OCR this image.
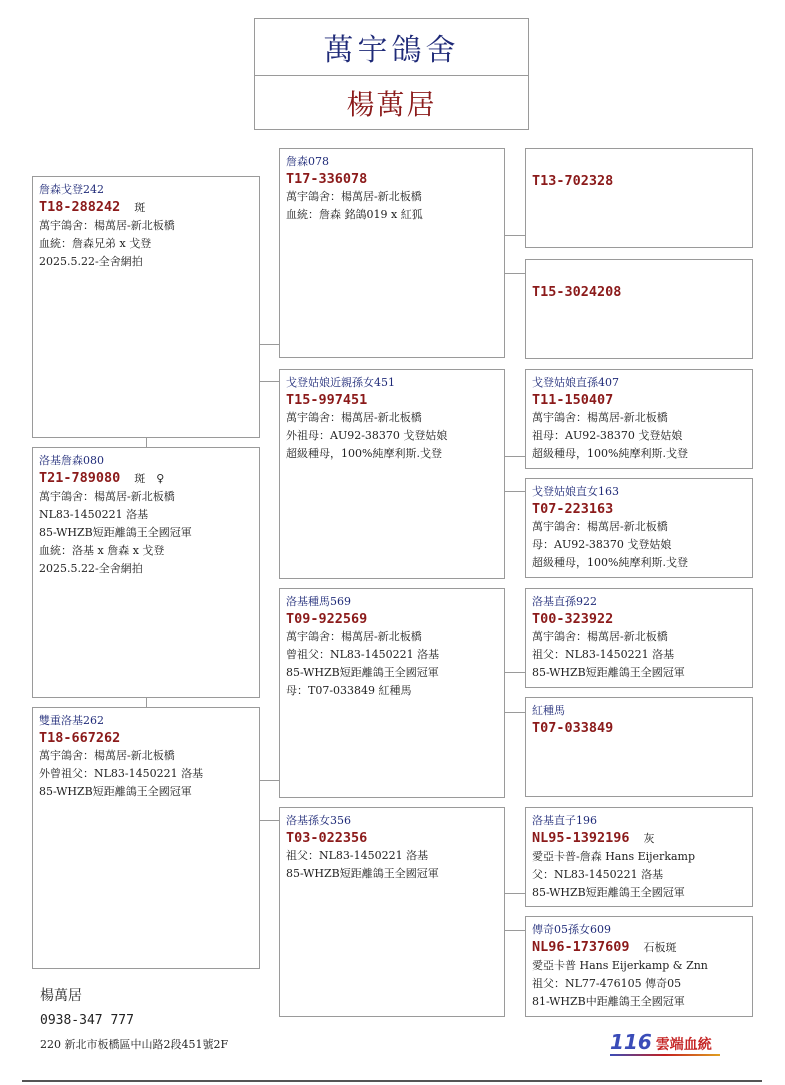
萬宇鴿舍
楊萬居
詹森戈登242
T18-288242 斑
萬宇鴿舍：楊萬居-新北板橋
血統：詹森兄弟 x 戈登
2025.5.22-全舍網拍
洛基詹森080
T21-789080 斑　♀
萬宇鴿舍：楊萬居-新北板橋
NL83-1450221 洛基
85-WHZB短距離鴿王全國冠軍
血統：洛基 x 詹森 x 戈登
2025.5.22-全舍網拍
雙重洛基262
T18-667262
萬宇鴿舍：楊萬居-新北板橋
外曾祖父：NL83-1450221 洛基
85-WHZB短距離鴿王全國冠軍
詹森078
T17-336078
萬宇鴿舍：楊萬居-新北板橋
血統：詹森 銘鴿019 x 紅狐
戈登姑娘近親孫女451
T15-997451
萬宇鴿舍：楊萬居-新北板橋
外祖母：AU92-38370 戈登姑娘
超級種母，100%純摩利斯.戈登
洛基種馬569
T09-922569
萬宇鴿舍：楊萬居-新北板橋
曾祖父：NL83-1450221 洛基
85-WHZB短距離鴿王全國冠軍
母：T07-033849 紅種馬
洛基孫女356
T03-022356
祖父：NL83-1450221 洛基
85-WHZB短距離鴿王全國冠軍
T13-702328
T15-3024208
戈登姑娘直孫407
T11-150407
萬宇鴿舍：楊萬居-新北板橋
祖母：AU92-38370 戈登姑娘
超級種母，100%純摩利斯.戈登
戈登姑娘直女163
T07-223163
萬宇鴿舍：楊萬居-新北板橋
母：AU92-38370 戈登姑娘
超級種母，100%純摩利斯.戈登
洛基直孫922
T00-323922
萬宇鴿舍：楊萬居-新北板橋
祖父：NL83-1450221 洛基
85-WHZB短距離鴿王全國冠軍
紅種馬
T07-033849
洛基直子196
NL95-1392196 灰
愛亞卡普-詹森 Hans Eijerkamp
父：NL83-1450221 洛基
85-WHZB短距離鴿王全國冠軍
傳奇05孫女609
NL96-1737609 石板斑
愛亞卡普 Hans Eijerkamp & Znn
祖父：NL77-476105 傳奇05
81-WHZB中距離鴿王全國冠軍
楊萬居
0938-347 777
220 新北市板橋區中山路2段451號2F	116 雲端血統
